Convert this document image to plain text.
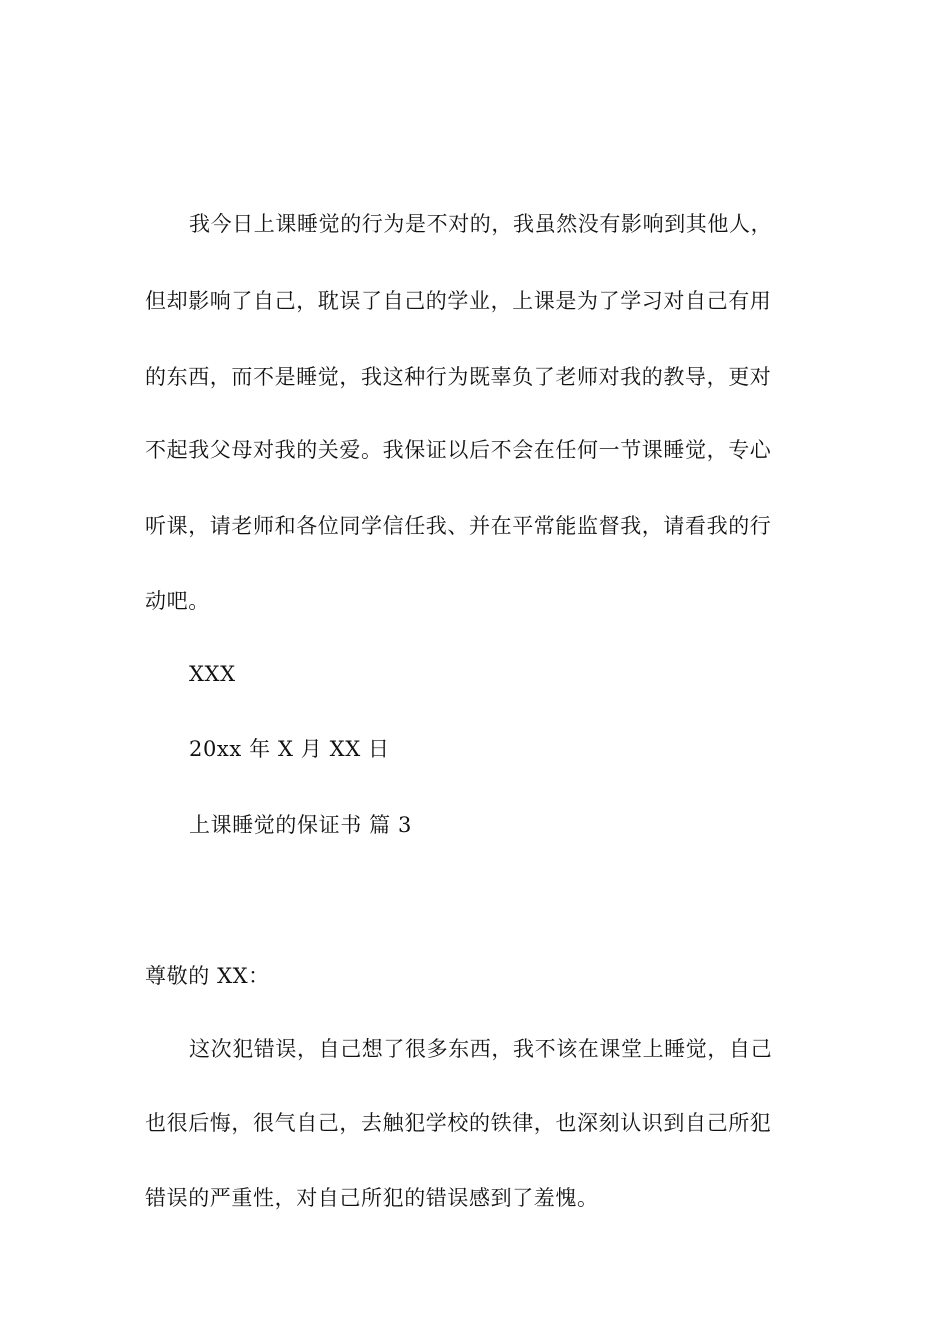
我今日上课睡觉的行为是不对的，我虽然没有影响到其他人，
但却影响了自己，耽误了自己的学业，上课是为了学习对自己有用
的东西，而不是睡觉，我这种行为既辜负了老师对我的教导，更对
不起我父母对我的关爱。我保证以后不会在任何一节课睡觉，专心
听课，请老师和各位同学信任我、并在平常能监督我，请看我的行
动吧。
XXX
20xx 年 X 月 XX 日
上课睡觉的保证书 篇 3
尊敬的 XX：
这次犯错误，自己想了很多东西，我不该在课堂上睡觉，自己
也很后悔，很气自己，去触犯学校的铁律，也深刻认识到自己所犯
错误的严重性，对自己所犯的错误感到了羞愧。
